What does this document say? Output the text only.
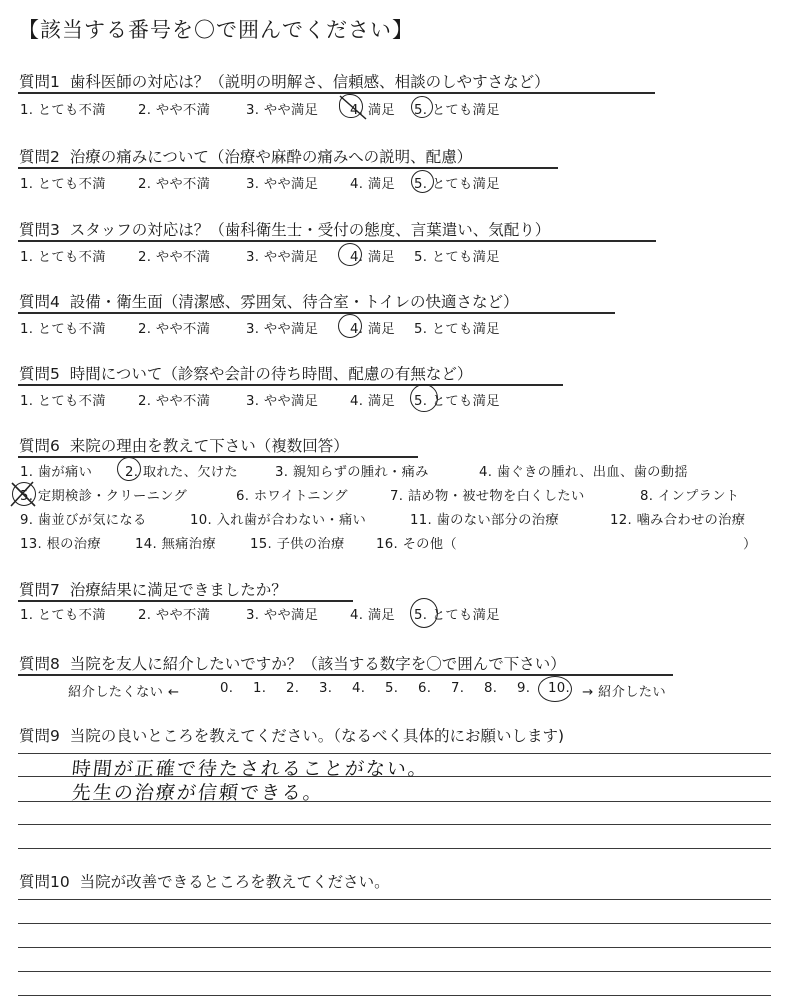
【該当する番号を〇で囲んでください】
質問1 歯科医師の対応は？（説明の明解さ、信頼感、相談のしやすさなど）
1. とても不満 2. やや不満	3. やや満足 4. 満足 5. とても満足
質問2 治療の痛みについて（治療や麻酔の痛みへの説明、配慮）
1. とても不満 2. やや不満	3. やや満足 4. 満足 5. とても満足
質問3 スタッフの対応は？（歯科衛生士・受付の態度、言葉遣い、気配り）
1. とても不満 2. やや不満	3. やや満足 4. 満足 5. とても満足
質問4 設備・衛生面（清潔感、雰囲気、待合室・トイレの快適さなど）
1. とても不満 2. やや不満	3. やや満足 4. 満足 5. とても満足
質問5 時間について（診察や会計の待ち時間、配慮の有無など）
1. とても不満 2. やや不満	3. やや満足 4. 満足 5. とても満足
質問6 来院の理由を教えて下さい（複数回答）
1. 歯が痛い 2. 取れた、欠けた	3. 親知らずの腫れ・痛み	4. 歯ぐきの腫れ、出血、歯の動揺
5. 定期検診・クリーニング	6. ホワイトニング	7. 詰め物・被せ物を白くしたい	8. インプラント
9. 歯並びが気になる	10. 入れ歯が合わない・痛い	11. 歯のない部分の治療	12. 噛み合わせの治療
13. 根の治療	14. 無痛治療	15. 子供の治療 16. その他（	）
質問7 治療結果に満足できましたか？
1. とても不満 2. やや不満	3. やや満足 4. 満足 5. とても満足
質問8 当院を友人に紹介したいですか？（該当する数字を〇で囲んで下さい）
紹介したくない ←	0. 1. 2. 3. 4. 5. 6. 7. 8. 9. 10. → 紹介したい
質問9 当院の良いところを教えてください。（なるべく具体的にお願いします)
時間が正確で待たされることがない。
先生の治療が信頼できる。
質問10 当院が改善できるところを教えてください。
